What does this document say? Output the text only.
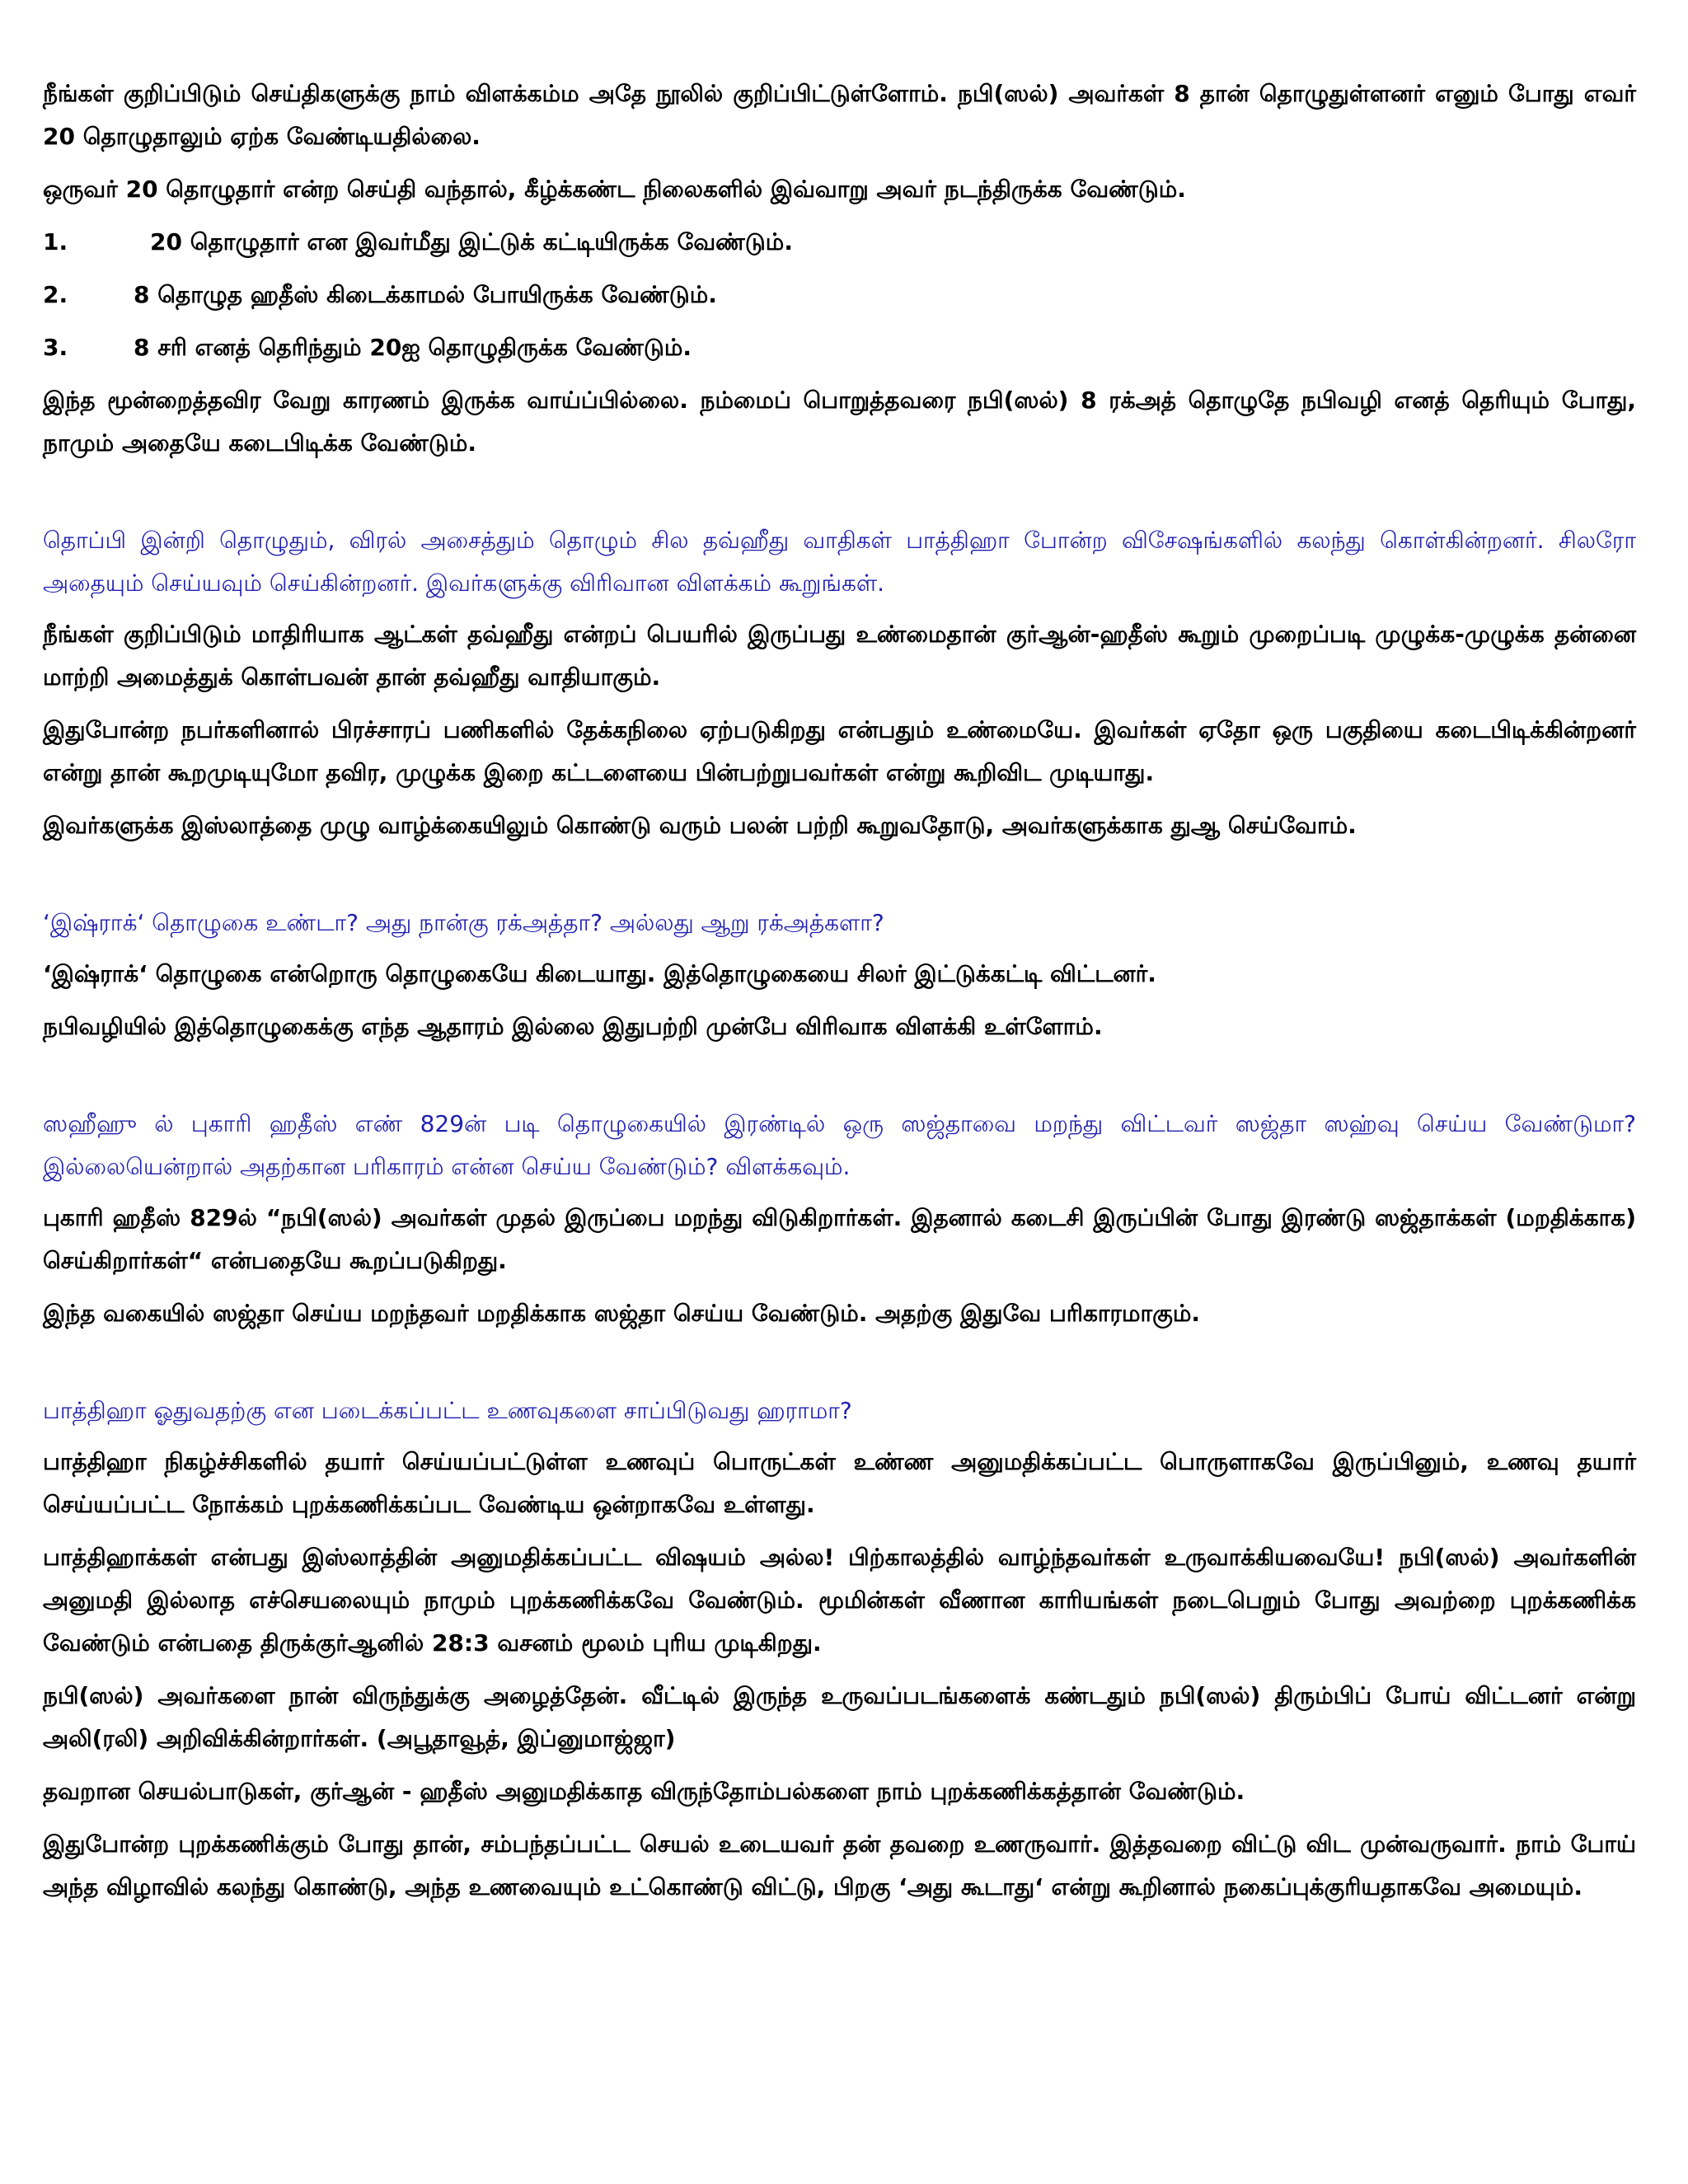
நீங்கள் குறிப்பிடும் செய்திகளுக்கு நாம் விளக்கம்ம அதே நூலில் குறிப்பிட்டுள்ளோம். நபி(ஸல்) அவர்கள் 8 தான் தொழுதுள்ளனர் எனும் போது எவர் 20 தொழுதாலும் ஏற்க வேண்டியதில்லை.

ஒருவர் 20 தொழுதார் என்ற செய்தி வந்தால், கீழ்க்கண்ட நிலைகளில் இவ்வாறு அவர் நடந்திருக்க வேண்டும்.

1.	20 தொழுதார் என இவர்மீது இட்டுக் கட்டியிருக்க வேண்டும்.
2.	8 தொழுத ஹதீஸ் கிடைக்காமல் போயிருக்க வேண்டும்.
3.	8 சரி எனத் தெரிந்தும் 20ஐ தொழுதிருக்க வேண்டும்.

இந்த மூன்றைத்தவிர வேறு காரணம் இருக்க வாய்ப்பில்லை. நம்மைப் பொறுத்தவரை நபி(ஸல்) 8 ரக்அத் தொழுதே நபிவழி எனத் தெரியும் போது, நாமும் அதையே கடைபிடிக்க வேண்டும்.

தொப்பி இன்றி தொழுதும், விரல் அசைத்தும் தொழும் சில தவ்ஹீது வாதிகள் பாத்திஹா போன்ற விசேஷங்களில் கலந்து கொள்கின்றனர். சிலரோ அதையும் செய்யவும் செய்கின்றனர். இவர்களுக்கு விரிவான விளக்கம் கூறுங்கள்.

நீங்கள் குறிப்பிடும் மாதிரியாக ஆட்கள் தவ்ஹீது என்றப் பெயரில் இருப்பது உண்மைதான் குர்ஆன்-ஹதீஸ் கூறும் முறைப்படி முழுக்க-முழுக்க தன்னை மாற்றி அமைத்துக் கொள்பவன் தான் தவ்ஹீது வாதியாகும்.

இதுபோன்ற நபர்களினால் பிரச்சாரப் பணிகளில் தேக்கநிலை ஏற்படுகிறது என்பதும் உண்மையே. இவர்கள் ஏதோ ஒரு பகுதியை கடைபிடிக்கின்றனர் என்று தான் கூறமுடியுமோ தவிர, முழுக்க இறை கட்டளையை பின்பற்றுபவர்கள் என்று கூறிவிட முடியாது.

இவர்களுக்க இஸ்லாத்தை முழு வாழ்க்கையிலும் கொண்டு வரும் பலன் பற்றி கூறுவதோடு, அவர்களுக்காக துஆ செய்வோம்.

‘இஷ்ராக்‘ தொழுகை உண்டா? அது நான்கு ரக்அத்தா? அல்லது ஆறு ரக்அத்களா?

‘இஷ்ராக்‘ தொழுகை என்றொரு தொழுகையே கிடையாது. இத்தொழுகையை சிலர் இட்டுக்கட்டி விட்டனர்.

நபிவழியில் இத்தொழுகைக்கு எந்த ஆதாரம் இல்லை இதுபற்றி முன்பே விரிவாக விளக்கி உள்ளோம்.

ஸஹீஹு ல் புகாரி ஹதீஸ் எண் 829ன் படி தொழுகையில் இரண்டில் ஒரு ஸஜ்தாவை மறந்து விட்டவர் ஸஜ்தா ஸஹ்வு செய்ய வேண்டுமா? இல்லையென்றால் அதற்கான பரிகாரம் என்ன செய்ய வேண்டும்? விளக்கவும்.

புகாரி ஹதீஸ் 829ல் “நபி(ஸல்) அவர்கள் முதல் இருப்பை மறந்து விடுகிறார்கள். இதனால் கடைசி இருப்பின் போது இரண்டு ஸஜ்தாக்கள் (மறதிக்காக) செய்கிறார்கள்“ என்பதையே கூறப்படுகிறது.

இந்த வகையில் ஸஜ்தா செய்ய மறந்தவர் மறதிக்காக ஸஜ்தா செய்ய வேண்டும். அதற்கு இதுவே பரிகாரமாகும்.

பாத்திஹா ஓதுவதற்கு என படைக்கப்பட்ட உணவுகளை சாப்பிடுவது ஹராமா?

பாத்திஹா நிகழ்ச்சிகளில் தயார் செய்யப்பட்டுள்ள உணவுப் பொருட்கள் உண்ண அனுமதிக்கப்பட்ட பொருளாகவே இருப்பினும், உணவு தயார் செய்யப்பட்ட நோக்கம் புறக்கணிக்கப்பட வேண்டிய ஒன்றாகவே உள்ளது.

பாத்திஹாக்கள் என்பது இஸ்லாத்தின் அனுமதிக்கப்பட்ட விஷயம் அல்ல! பிற்காலத்தில் வாழ்ந்தவர்கள் உருவாக்கியவையே! நபி(ஸல்) அவர்களின் அனுமதி இல்லாத எச்செயலையும் நாமும் புறக்கணிக்கவே வேண்டும். மூமின்கள் வீணான காரியங்கள் நடைபெறும் போது அவற்றை புறக்கணிக்க வேண்டும் என்பதை திருக்குர்ஆனில் 28:3 வசனம் மூலம் புரிய முடிகிறது.

நபி(ஸல்) அவர்களை நான் விருந்துக்கு அழைத்தேன். வீட்டில் இருந்த உருவப்படங்களைக் கண்டதும் நபி(ஸல்) திரும்பிப் போய் விட்டனர் என்று அலி(ரலி) அறிவிக்கின்றார்கள். (அபூதாவூத், இப்னுமாஜ்ஜா)

தவறான செயல்பாடுகள், குர்ஆன் - ஹதீஸ் அனுமதிக்காத விருந்தோம்பல்களை நாம் புறக்கணிக்கத்தான் வேண்டும்.

இதுபோன்ற புறக்கணிக்கும் போது தான், சம்பந்தப்பட்ட செயல் உடையவர் தன் தவறை உணருவார். இத்தவறை விட்டு விட முன்வருவார். நாம் போய் அந்த விழாவில் கலந்து கொண்டு, அந்த உணவையும் உட்கொண்டு விட்டு, பிறகு ‘அது கூடாது‘ என்று கூறினால் நகைப்புக்குரியதாகவே அமையும்.
